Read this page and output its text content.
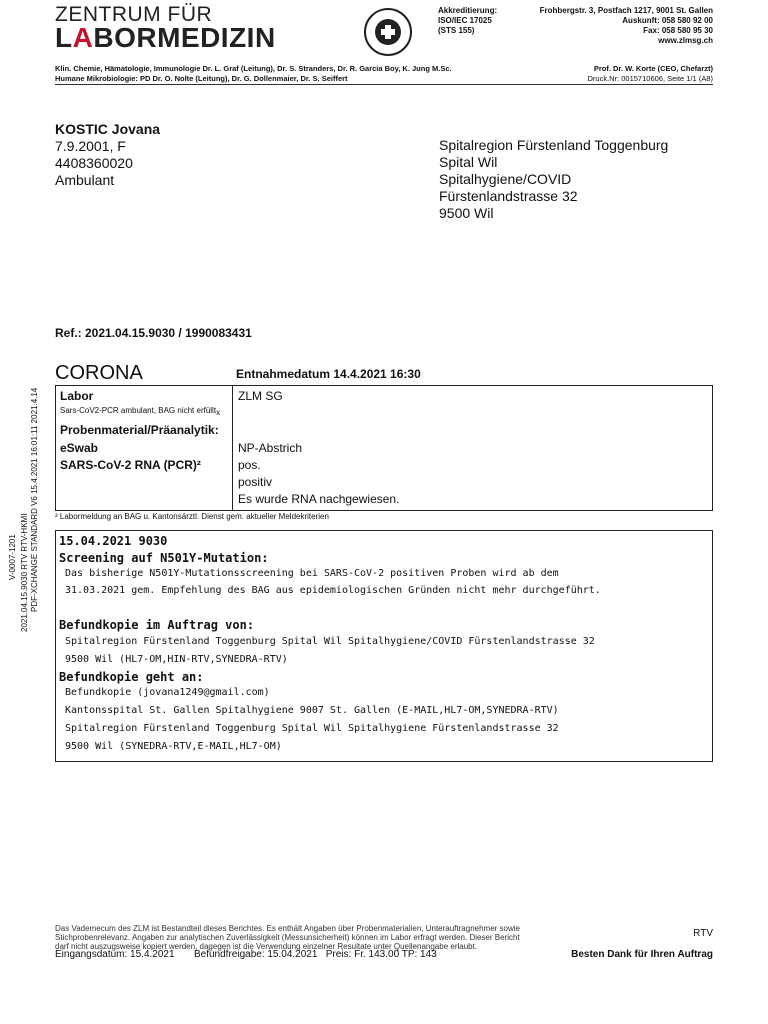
ZENTRUM FÜR
LABORMEDIZIN
Akkreditierung:
ISO/IEC 17025
(STS 155)
Frohbergstr. 3, Postfach 1217, 9001 St. Gallen
Auskunft: 058 580 92 00
Fax: 058 580 95 30
www.zlmsg.ch
Klin. Chemie, Hämatologie, Immunologie Dr. L. Graf (Leitung), Dr. S. Stranders, Dr. R. Garcia Boy, K. Jung M.Sc.
Humane Mikrobiologie: PD Dr. O. Nolte (Leitung), Dr. G. Dollenmaier, Dr. S. Seiffert
Prof. Dr. W. Korte (CEO, Chefarzt)
Druck.Nr: 0015710606, Seite 1/1 (A8)
KOSTIC Jovana
7.9.2001, F
4408360020
Ambulant
Spitalregion Fürstenland Toggenburg
Spital Wil
Spitalhygiene/COVID
Fürstenlandstrasse 32
9500 Wil
Ref.: 2021.04.15.9030 / 1990083431
V-0007-1201 2021.04.15.9030 RTV RTV-HKMI PDF-XCHANGE STANDARD V6 15.4.2021 16:01:11 2021.4.14
CORONA	Entnahmedatum 14.4.2021 16:30
Labor	ZLM SG
Sars-CoV2-PCR ambulant, BAG nicht erfülltx
Probenmaterial/Präanalytik:
eSwab	NP-Abstrich
SARS-CoV-2 RNA (PCR)²	pos.
positiv
Es wurde RNA nachgewiesen.
² Labormeldung an BAG u. Kantonsärztl. Dienst gem. aktueller Meldekriterien
15.04.2021 9030
Screening auf N501Y-Mutation:
Das bisherige N501Y-Mutationsscreening bei SARS-CoV-2 positiven Proben wird ab dem
31.03.2021 gem. Empfehlung des BAG aus epidemiologischen Gründen nicht mehr durchgeführt.
Befundkopie im Auftrag von:
Spitalregion Fürstenland Toggenburg Spital Wil Spitalhygiene/COVID Fürstenlandstrasse 32
9500 Wil (HL7-OM,HIN-RTV,SYNEDRA-RTV)
Befundkopie geht an:
Befundkopie (jovana1249@gmail.com)
Kantonsspital St. Gallen Spitalhygiene 9007 St. Gallen (E-MAIL,HL7-OM,SYNEDRA-RTV)
Spitalregion Fürstenland Toggenburg Spital Wil Spitalhygiene Fürstenlandstrasse 32
9500 Wil (SYNEDRA-RTV,E-MAIL,HL7-OM)
Das Vademecum des ZLM ist Bestandteil dieses Berichtes. Es enthält Angaben über Probenmaterialien, Unterauftragnehmer sowie
Stichprobenrelevanz. Angaben zur analytischen Zuverlässigkeit (Messunsicherheit) können im Labor erfragt werden. Dieser Bericht
darf nicht auszugsweise kopiert werden, dagegen ist die Verwendung einzelner Resultate unter Quellenangabe erlaubt.
RTV
Eingangsdatum: 15.4.2021       Befundfreigabe: 15.04.2021   Preis: Fr. 143.00 TP: 143	Besten Dank für Ihren Auftrag
